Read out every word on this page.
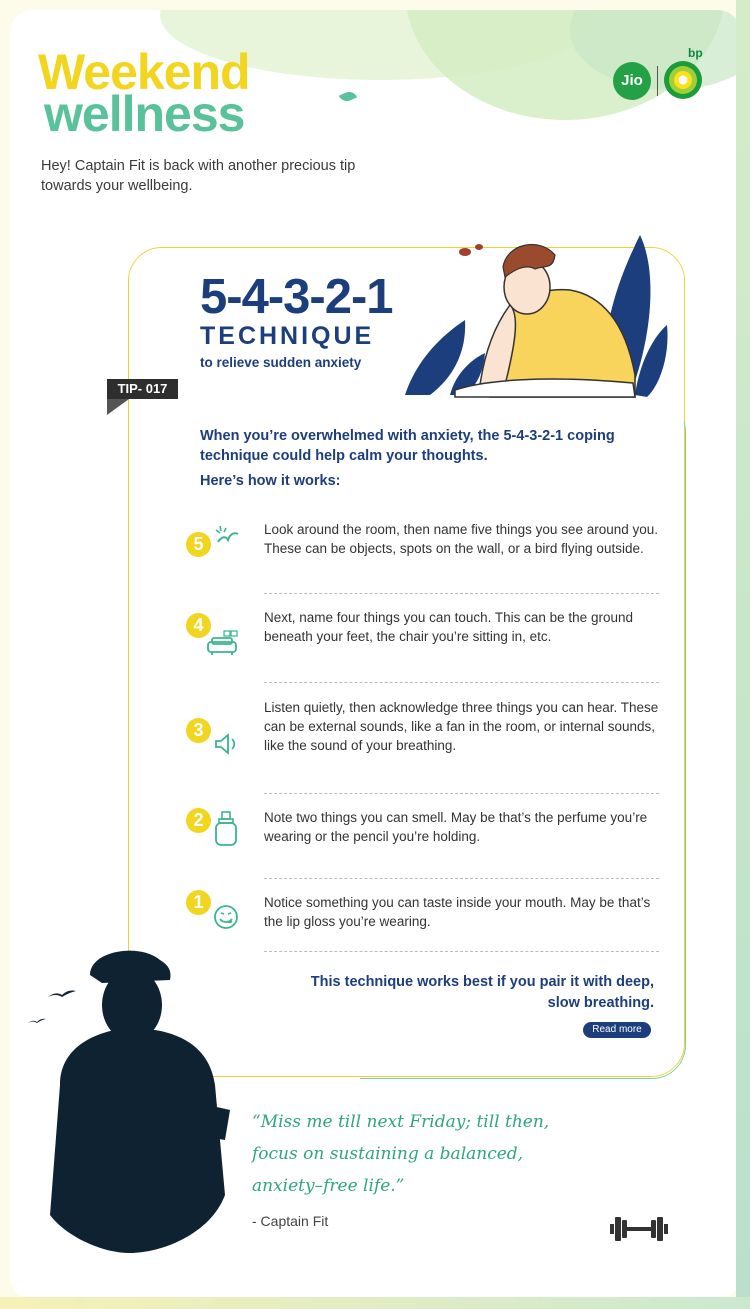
Weekend
wellness
Jio
bp
Hey! Captain Fit is back with another precious tip towards your wellbeing.
5-4-3-2-1
TECHNIQUE
to relieve sudden anxiety
TIP- 017
When you’re overwhelmed with anxiety, the 5-4-3-2-1 coping technique could help calm your thoughts.
Here’s how it works:
5
Look around the room, then name five things you see around you. These can be objects, spots on the wall, or a bird flying outside.
4	Next, name four things you can touch. This can be the ground beneath your feet, the chair you’re sitting in, etc.
3
Listen quietly, then acknowledge three things you can hear. These can be external sounds, like a fan in the room, or internal sounds, like the sound of your breathing.
2	Note two things you can smell. May be that’s the perfume you’re wearing or the pencil you’re holding.
1	Notice something you can taste inside your mouth. May be that’s the lip gloss you’re wearing.
This technique works best if you pair it with deep, slow breathing.
Read more
“Miss me till next Friday; till then, focus on sustaining a balanced, anxiety–free life.”
- Captain Fit
